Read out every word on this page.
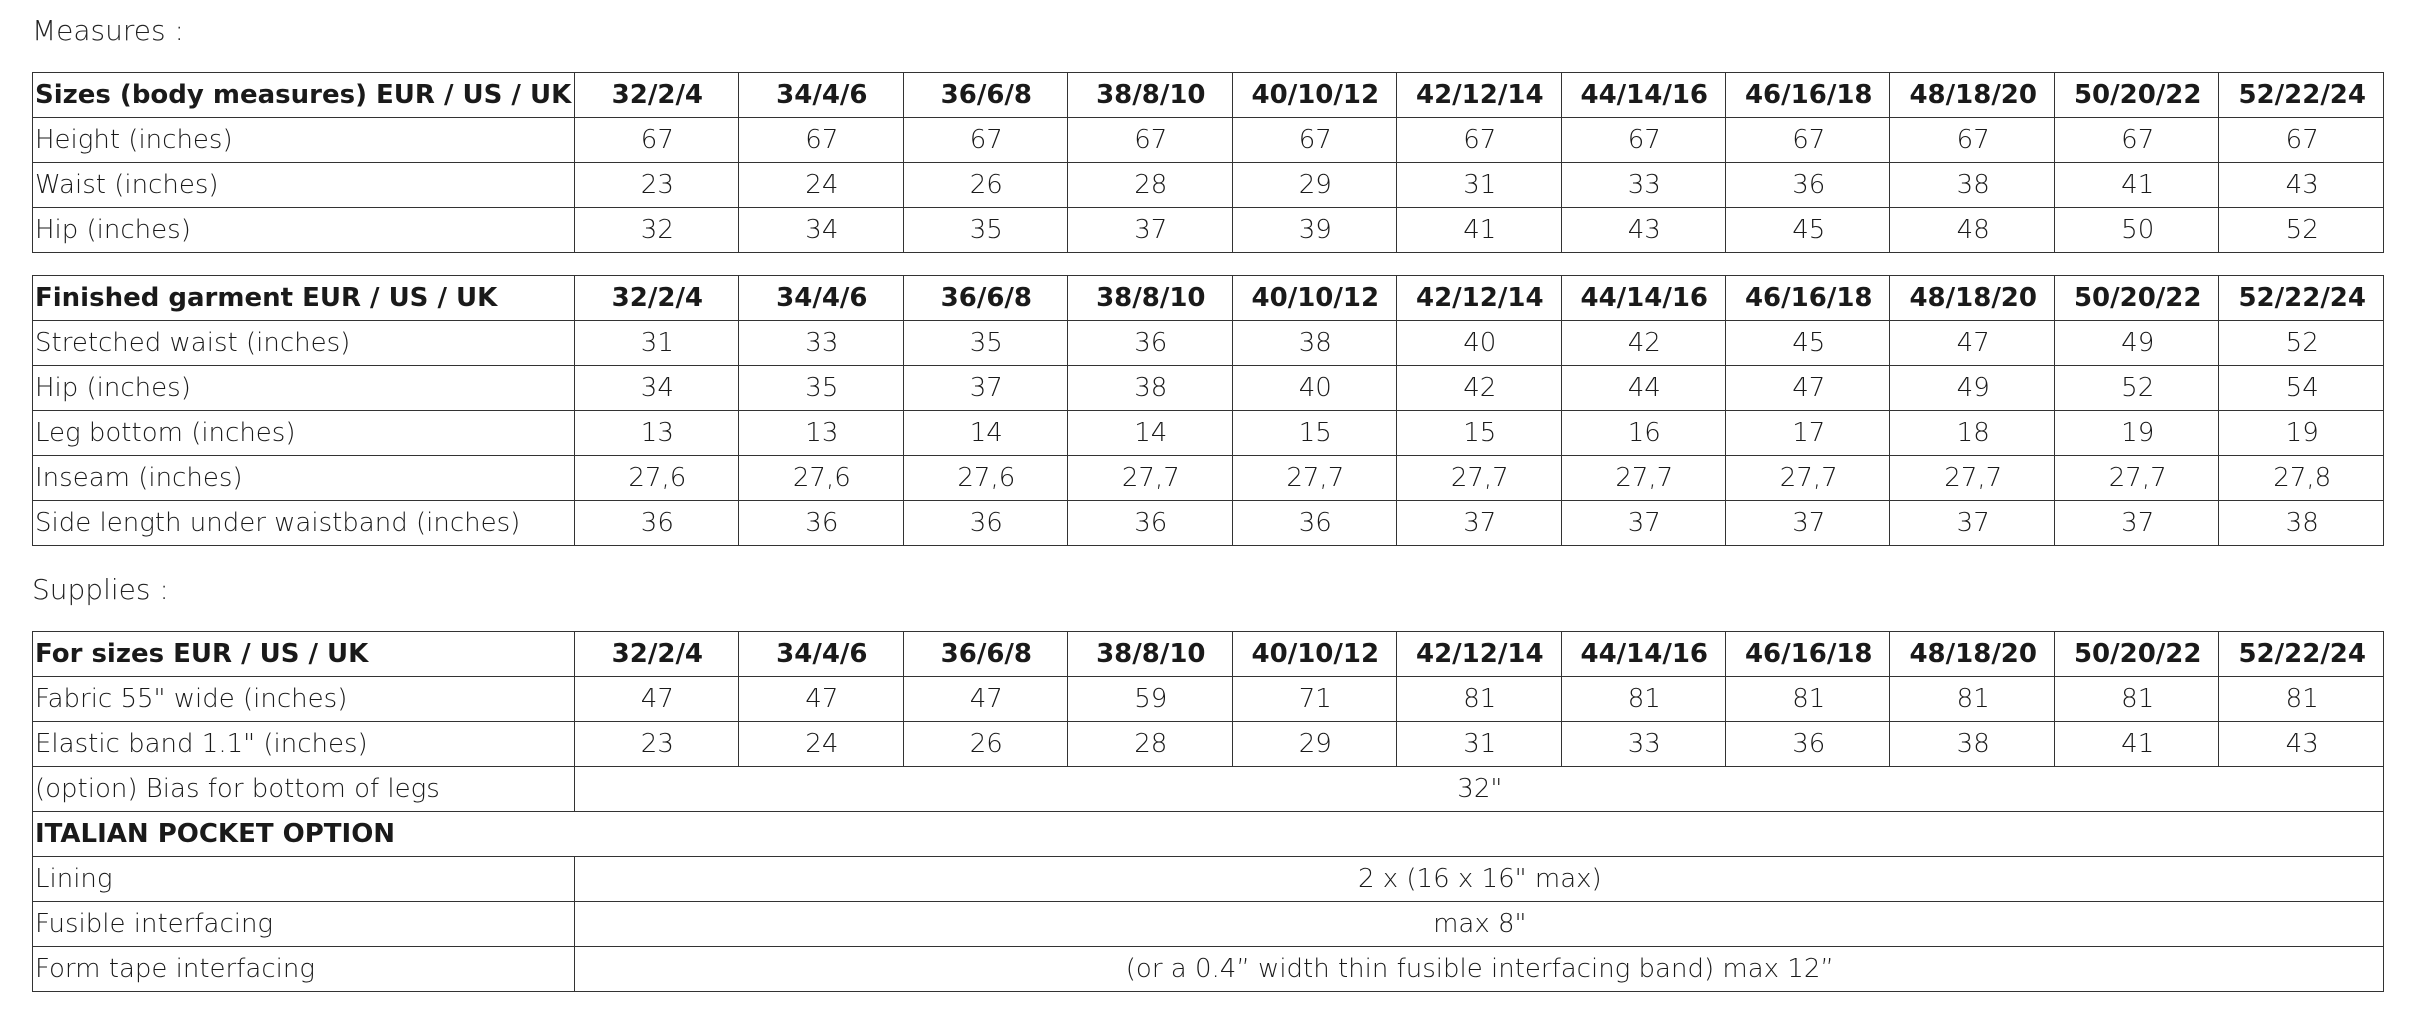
Measures :
Sizes (body measures) EUR / US / UK	32/2/4	34/4/6	36/6/8	38/8/10	40/10/12	42/12/14	44/14/16	46/16/18	48/18/20	50/20/22	52/22/24
Height (inches)	67	67	67	67	67	67	67	67	67	67	67
Waist (inches)	23	24	26	28	29	31	33	36	38	41	43
Hip (inches)	32	34	35	37	39	41	43	45	48	50	52
Finished garment EUR / US / UK	32/2/4	34/4/6	36/6/8	38/8/10	40/10/12	42/12/14	44/14/16	46/16/18	48/18/20	50/20/22	52/22/24
Stretched waist (inches)	31	33	35	36	38	40	42	45	47	49	52
Hip (inches)	34	35	37	38	40	42	44	47	49	52	54
Leg bottom (inches)	13	13	14	14	15	15	16	17	18	19	19
Inseam (inches)	27,6	27,6	27,6	27,7	27,7	27,7	27,7	27,7	27,7	27,7	27,8
Side length under waistband (inches)	36	36	36	36	36	37	37	37	37	37	38
Supplies :
For sizes EUR / US / UK	32/2/4	34/4/6	36/6/8	38/8/10	40/10/12	42/12/14	44/14/16	46/16/18	48/18/20	50/20/22	52/22/24
Fabric 55" wide (inches)	47	47	47	59	71	81	81	81	81	81	81
Elastic band 1.1" (inches)	23	24	26	28	29	31	33	36	38	41	43
(option) Bias for bottom of legs	32"										
ITALIAN POCKET OPTION											
Lining	2 x (16 x 16" max)										
Fusible interfacing	max 8"										
Form tape interfacing	(or a 0.4” width thin fusible interfacing band) max 12”										
